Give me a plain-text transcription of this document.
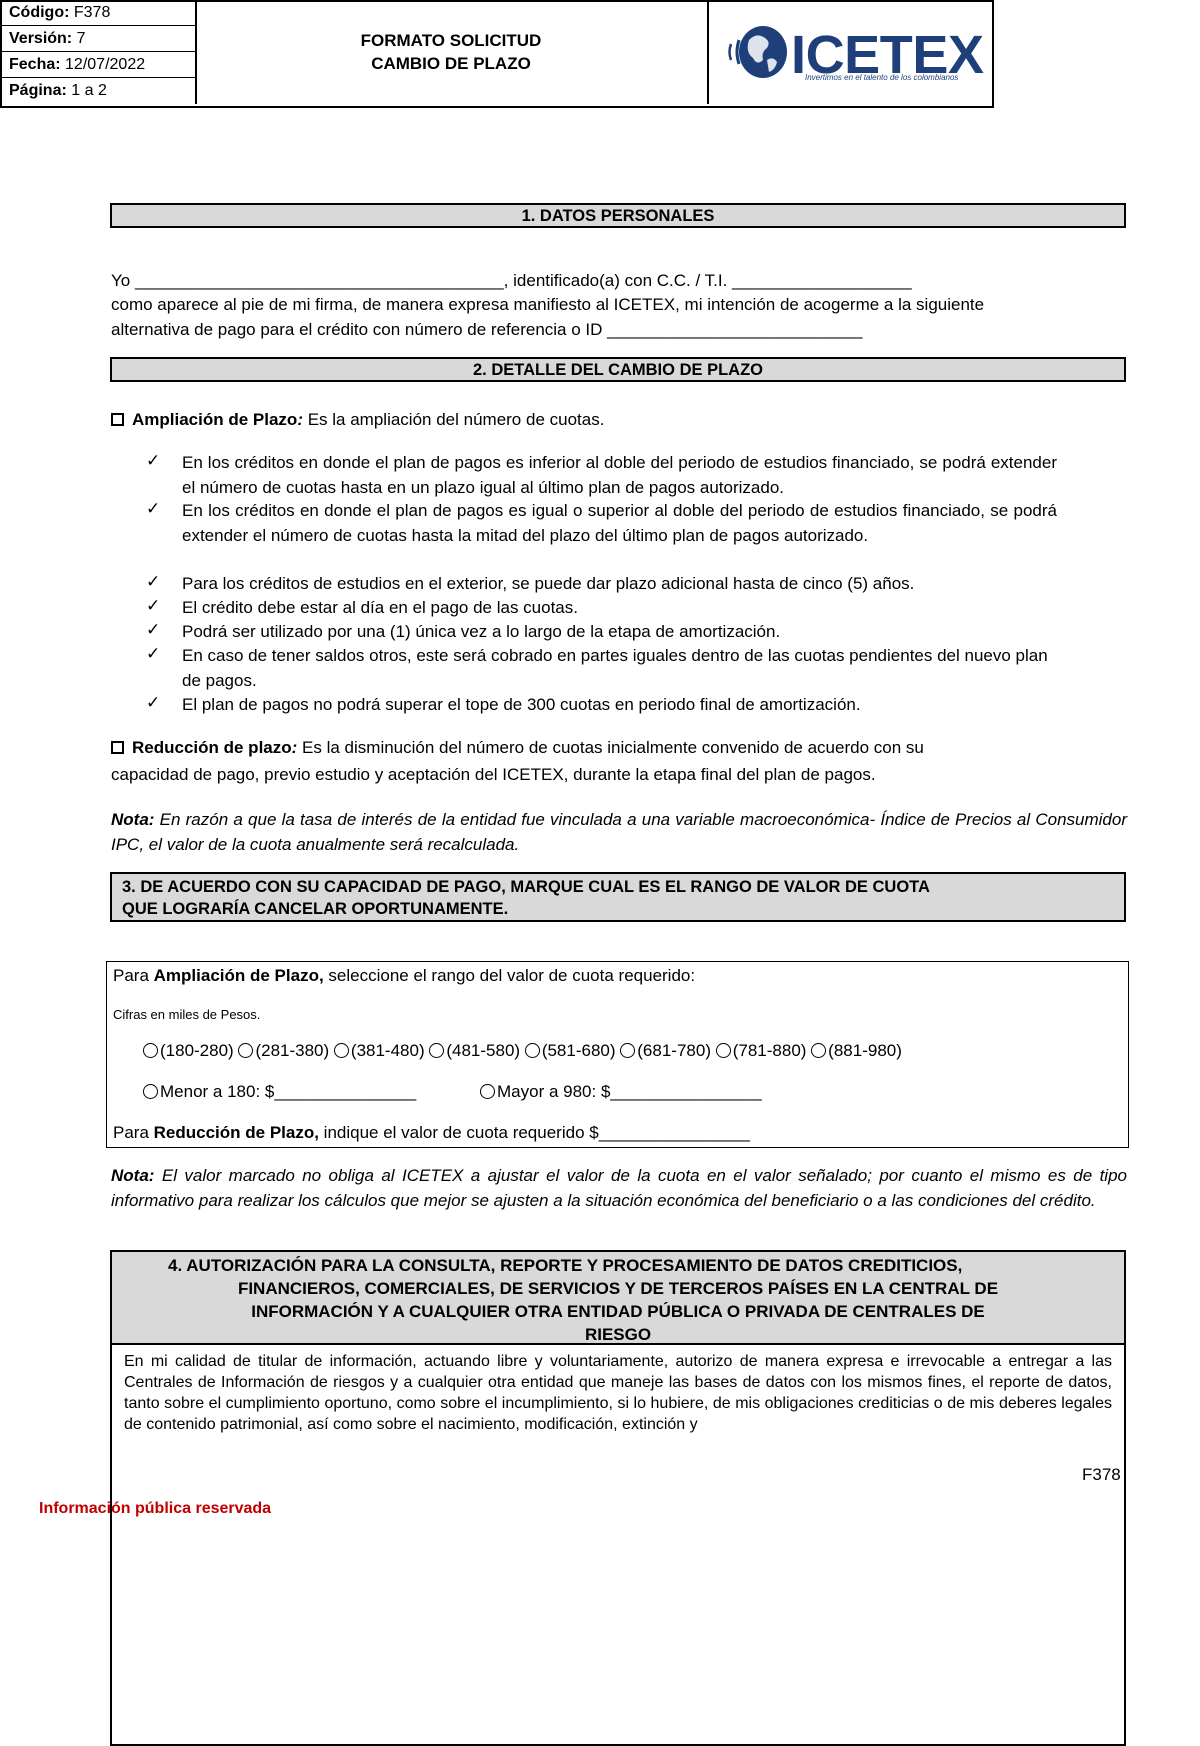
Código: F378
Versión: 7
Fecha: 12/07/2022
Página: 1 a 2
FORMATO SOLICITUD
CAMBIO DE PLAZO	ICETEX
Invertimos en el talento de los colombianos
1. DATOS PERSONALES
Yo _______________________________________, identificado(a) con C.C. / T.I. ___________________
como aparece al pie de mi firma, de manera expresa manifiesto al ICETEX, mi intención de acogerme a la siguiente
alternativa de pago para el crédito con número de referencia o ID ___________________________
2. DETALLE DEL CAMBIO DE PLAZO
Ampliación de Plazo: Es la ampliación del número de cuotas.
✓ En los créditos en donde el plan de pagos es inferior al doble del periodo de estudios financiado, se podrá extender el número de cuotas hasta en un plazo igual al último plan de pagos autorizado.
✓ En los créditos en donde el plan de pagos es igual o superior al doble del periodo de estudios financiado, se podrá extender el número de cuotas hasta la mitad del plazo del último plan de pagos autorizado.
✓ Para los créditos de estudios en el exterior, se puede dar plazo adicional hasta de cinco (5) años.
✓ El crédito debe estar al día en el pago de las cuotas.
✓ Podrá ser utilizado por una (1) única vez a lo largo de la etapa de amortización.
✓ En caso de tener saldos otros, este será cobrado en partes iguales dentro de las cuotas pendientes del nuevo plan de pagos.
✓ El plan de pagos no podrá superar el tope de 300 cuotas en periodo final de amortización.
Reducción de plazo: Es la disminución del número de cuotas inicialmente convenido de acuerdo con su
capacidad de pago, previo estudio y aceptación del ICETEX, durante la etapa final del plan de pagos.
Nota: En razón a que la tasa de interés de la entidad fue vinculada a una variable macroeconómica- Índice de Precios al Consumidor IPC, el valor de la cuota anualmente será recalculada.
3. DE ACUERDO CON SU CAPACIDAD DE PAGO, MARQUE CUAL ES EL RANGO DE VALOR DE CUOTA
QUE LOGRARÍA CANCELAR OPORTUNAMENTE.
Para Ampliación de Plazo, seleccione el rango del valor de cuota requerido:
Cifras en miles de Pesos.
(180-280) (281-380) (381-480) (481-580) (581-680) (681-780) (781-880) (881-980)
Menor a 180: $_______________	Mayor a 980: $________________
Para Reducción de Plazo, indique el valor de cuota requerido $________________
Nota: El valor marcado no obliga al ICETEX a ajustar el valor de la cuota en el valor señalado; por cuanto el mismo es de tipo informativo para realizar los cálculos que mejor se ajusten a la situación económica del beneficiario o a las condiciones del crédito.
4. AUTORIZACIÓN PARA LA CONSULTA, REPORTE Y PROCESAMIENTO DE DATOS CREDITICIOS,
FINANCIEROS, COMERCIALES, DE SERVICIOS Y DE TERCEROS PAÍSES EN LA CENTRAL DE
INFORMACIÓN Y A CUALQUIER OTRA ENTIDAD PÚBLICA O PRIVADA DE CENTRALES DE
RIESGO
En mi calidad de titular de información, actuando libre y voluntariamente, autorizo de manera expresa e irrevocable a entregar a las Centrales de Información de riesgos y a cualquier otra entidad que maneje las bases de datos con los mismos fines, el reporte de datos, tanto sobre el cumplimiento oportuno, como sobre el incumplimiento, si lo hubiere, de mis obligaciones crediticias o de mis deberes legales de contenido patrimonial, así como sobre el nacimiento, modificación, extinción y
F378
Información pública reservada
